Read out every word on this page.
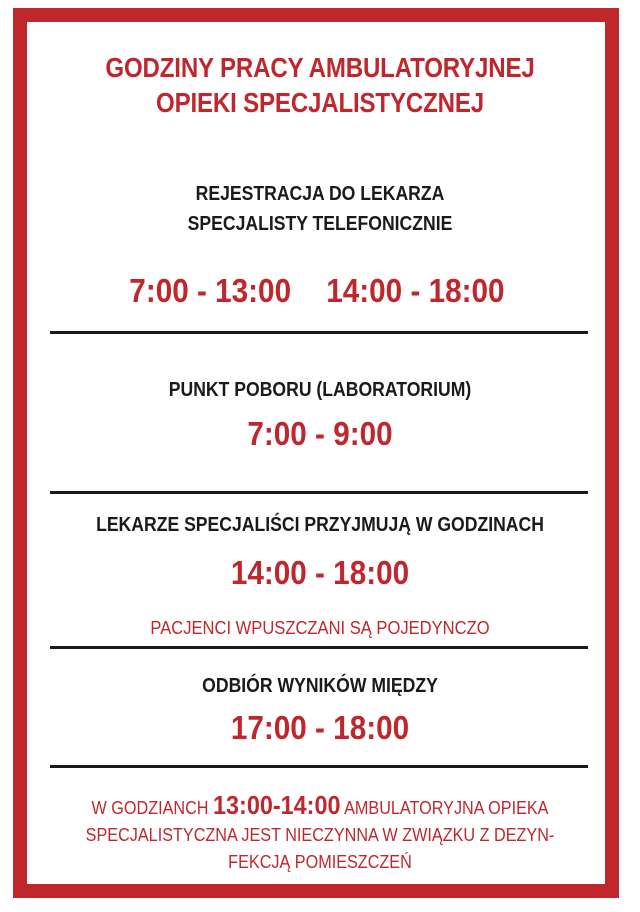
GODZINY PRACY AMBULATORYJNEJ
OPIEKI SPECJALISTYCZNEJ
REJESTRACJA DO LEKARZA
SPECJALISTY TELEFONICZNIE
7:00 - 13:00 14:00 - 18:00
PUNKT POBORU (LABORATORIUM)
7:00 - 9:00
LEKARZE SPECJALIŚCI PRZYJMUJĄ W GODZINACH
14:00 - 18:00
PACJENCI WPUSZCZANI SĄ POJEDYNCZO
ODBIÓR WYNIKÓW MIĘDZY
17:00 - 18:00
W GODZIANCH 13:00-14:00 AMBULATORYJNA OPIEKA
SPECJALISTYCZNA JEST NIECZYNNA W ZWIĄZKU Z DEZYN-
FEKCJĄ POMIESZCZEŃ
